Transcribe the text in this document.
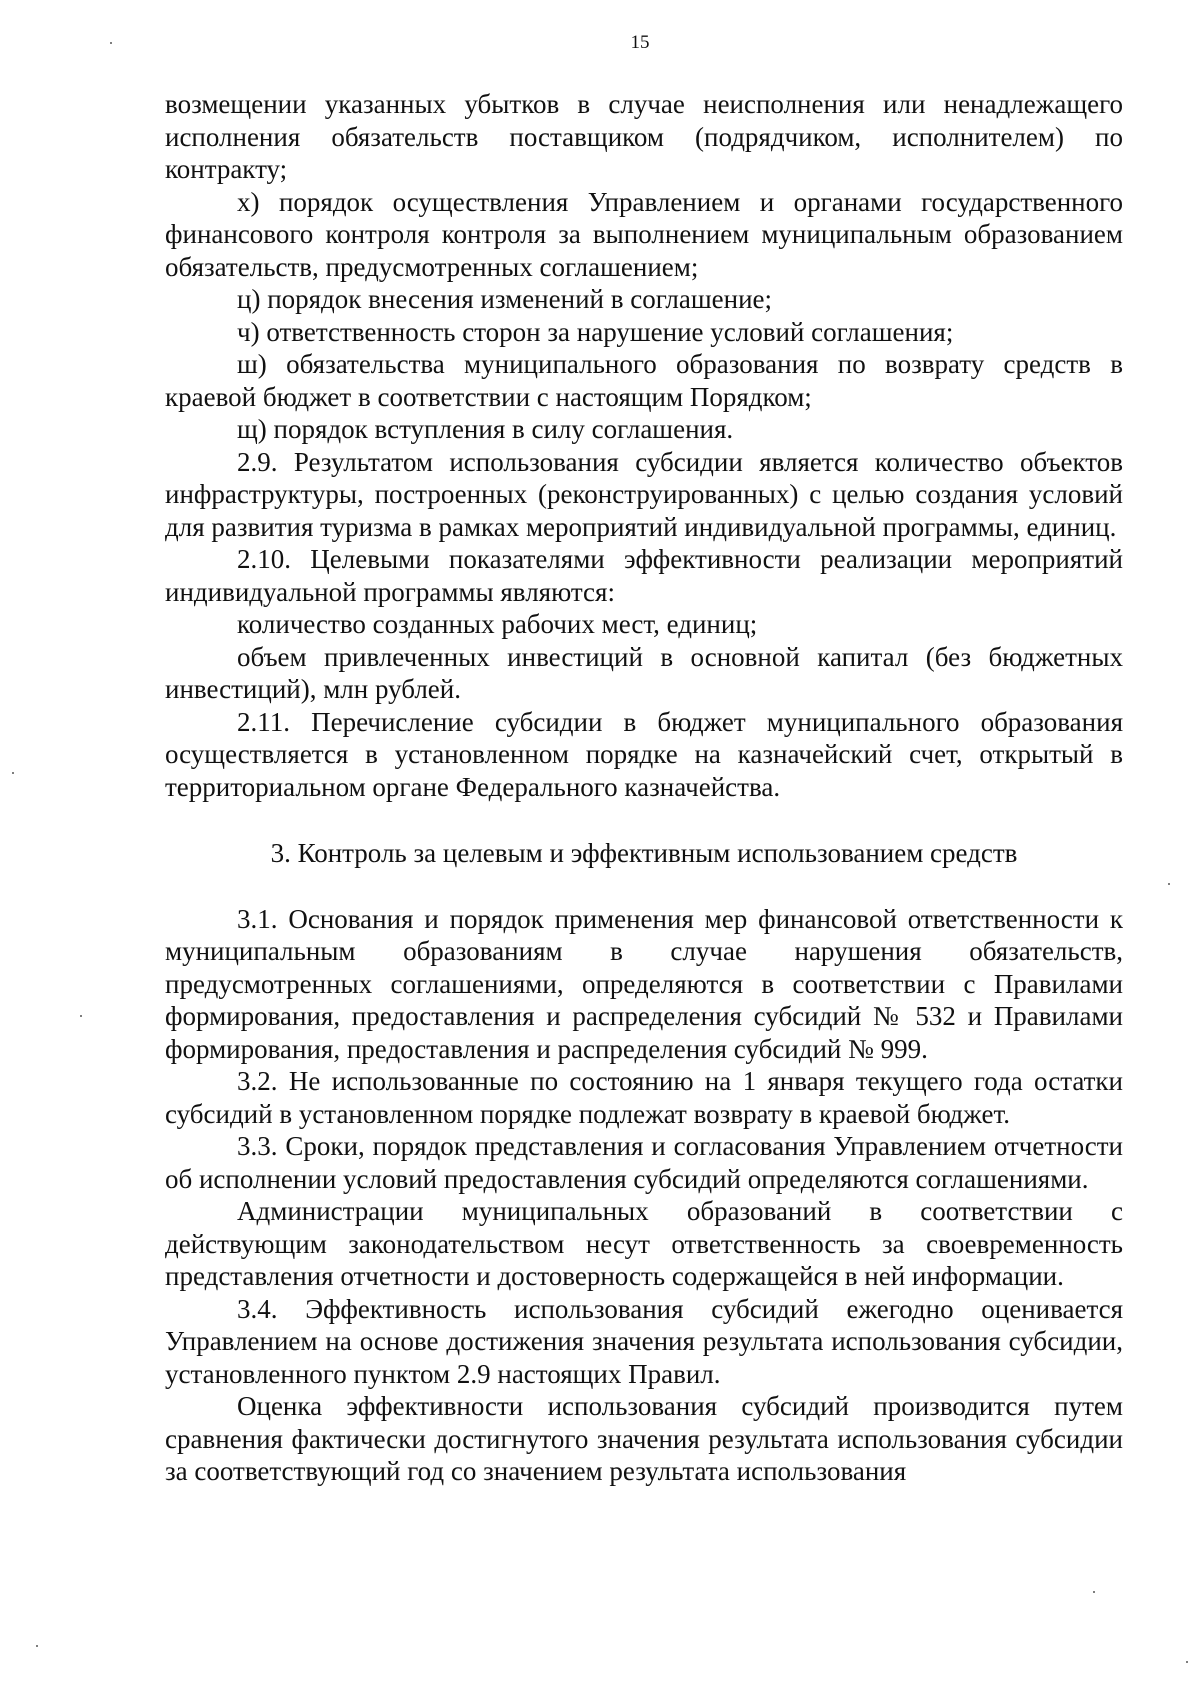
15

возмещении указанных убытков в случае неисполнения или ненадлежащего исполнения обязательств поставщиком (подрядчиком, исполнителем) по контракту;

х) порядок осуществления Управлением и органами государственного финансового контроля контроля за выполнением муниципальным образованием обязательств, предусмотренных соглашением;

ц) порядок внесения изменений в соглашение;

ч) ответственность сторон за нарушение условий соглашения;

ш) обязательства муниципального образования по возврату средств в краевой бюджет в соответствии с настоящим Порядком;

щ) порядок вступления в силу соглашения.

2.9. Результатом использования субсидии является количество объектов инфраструктуры, построенных (реконструированных) с целью создания условий для развития туризма в рамках мероприятий индивидуальной программы, единиц.

2.10. Целевыми показателями эффективности реализации мероприятий индивидуальной программы являются:

количество созданных рабочих мест, единиц;

объем привлеченных инвестиций в основной капитал (без бюджетных инвестиций), млн рублей.

2.11. Перечисление субсидии в бюджет муниципального образования осуществляется в установленном порядке на казначейский счет, открытый в территориальном органе Федерального казначейства.

3. Контроль за целевым и эффективным использованием средств

3.1. Основания и порядок применения мер финансовой ответственности к муниципальным образованиям в случае нарушения обязательств, предусмотренных соглашениями, определяются в соответствии с Правилами формирования, предоставления и распределения субсидий № 532 и Правилами формирования, предоставления и распределения субсидий № 999.

3.2. Не использованные по состоянию на 1 января текущего года остатки субсидий в установленном порядке подлежат возврату в краевой бюджет.

3.3. Сроки, порядок представления и согласования Управлением отчетности об исполнении условий предоставления субсидий определяются соглашениями.

Администрации муниципальных образований в соответствии с действующим законодательством несут ответственность за своевременность представления отчетности и достоверность содержащейся в ней информации.

3.4. Эффективность использования субсидий ежегодно оценивается Управлением на основе достижения значения результата использования субсидии, установленного пунктом 2.9 настоящих Правил.

Оценка эффективности использования субсидий производится путем сравнения фактически достигнутого значения результата использования субсидии за соответствующий год со значением результата использования
